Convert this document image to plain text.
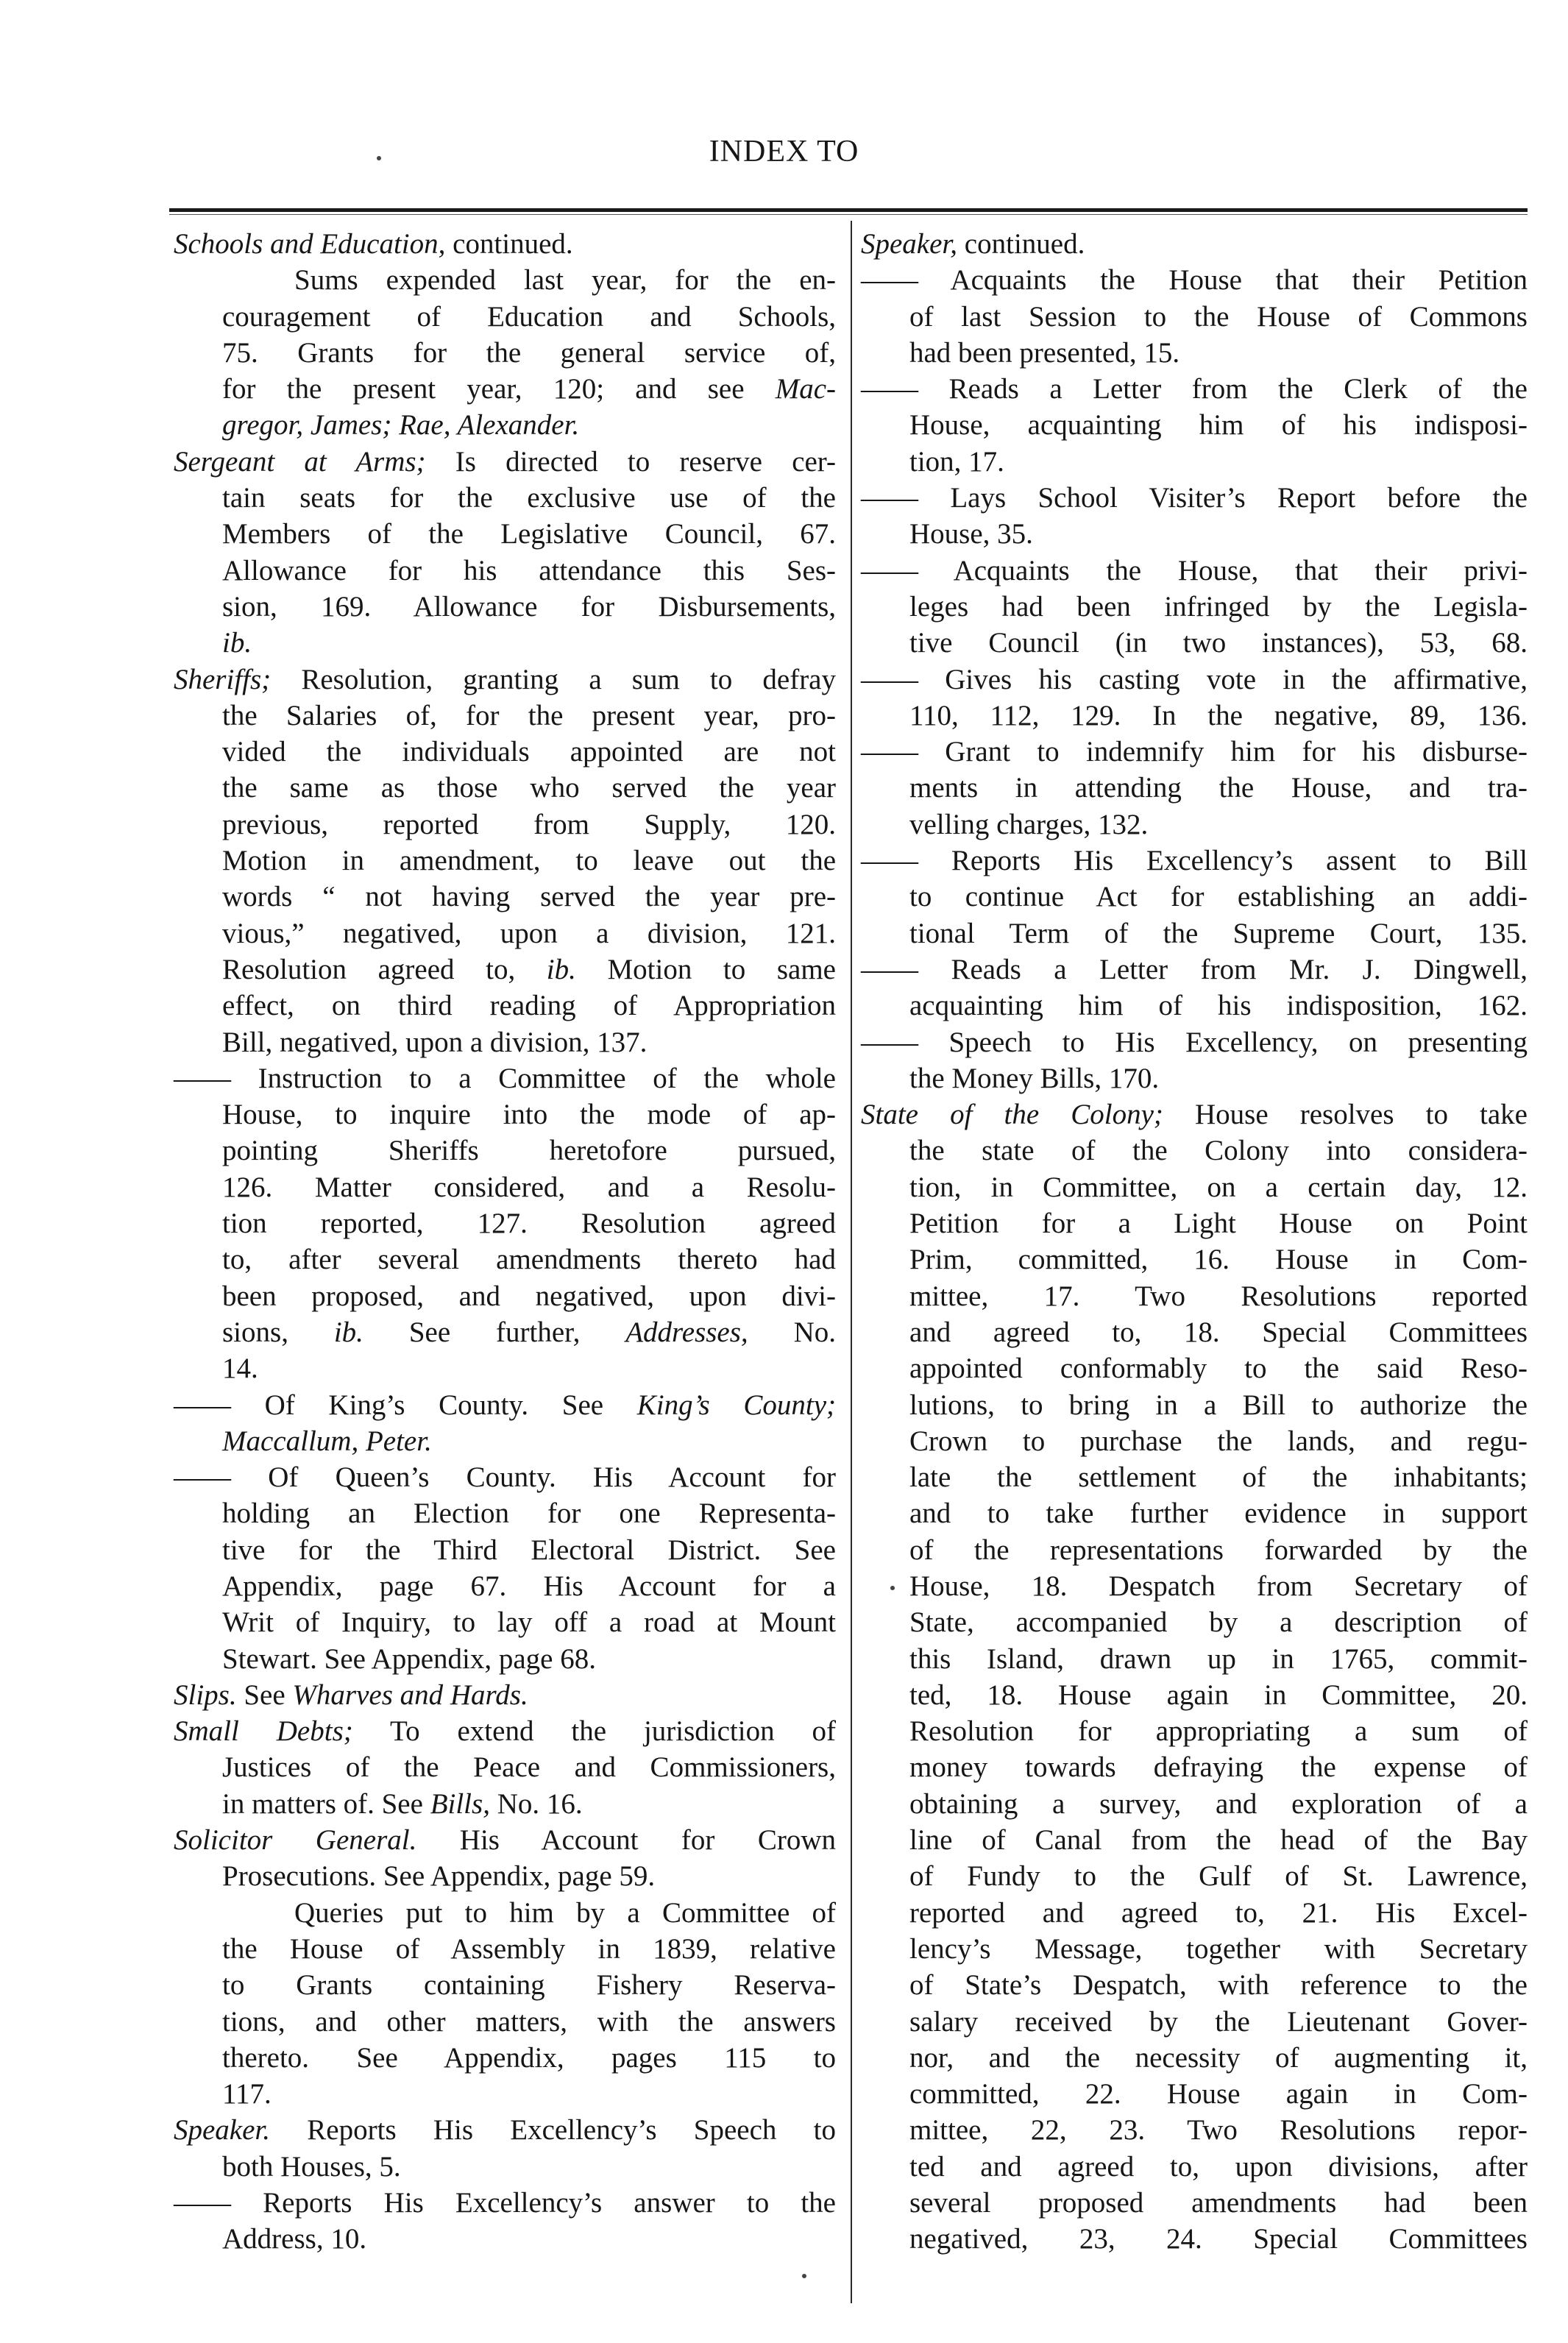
INDEX TO
Schools and Education, continued.
Sums expended last year, for the en-
couragement of Education and Schools,
75. Grants for the general service of,
for the present year, 120; and see Mac-
gregor, James; Rae, Alexander.
Sergeant at Arms; Is directed to reserve cer-
tain seats for the exclusive use of the
Members of the Legislative Council, 67.
Allowance for his attendance this Ses-
sion, 169. Allowance for Disbursements,
ib.
Sheriffs; Resolution, granting a sum to defray
the Salaries of, for the present year, pro-
vided the individuals appointed are not
the same as those who served the year
previous, reported from Supply, 120.
Motion in amendment, to leave out the
words “ not having served the year pre-
vious,” negatived, upon a division, 121.
Resolution agreed to, ib. Motion to same
effect, on third reading of Appropriation
Bill, negatived, upon a division, 137.
—— Instruction to a Committee of the whole
House, to inquire into the mode of ap-
pointing Sheriffs heretofore pursued,
126. Matter considered, and a Resolu-
tion reported, 127. Resolution agreed
to, after several amendments thereto had
been proposed, and negatived, upon divi-
sions, ib. See further, Addresses, No.
14.
—— Of King’s County. See King’s County;
Maccallum, Peter.
—— Of Queen’s County. His Account for
holding an Election for one Representa-
tive for the Third Electoral District. See
Appendix, page 67. His Account for a
Writ of Inquiry, to lay off a road at Mount
Stewart. See Appendix, page 68.
Slips. See Wharves and Hards.
Small Debts; To extend the jurisdiction of
Justices of the Peace and Commissioners,
in matters of. See Bills, No. 16.
Solicitor General. His Account for Crown
Prosecutions. See Appendix, page 59.
Queries put to him by a Committee of
the House of Assembly in 1839, relative
to Grants containing Fishery Reserva-
tions, and other matters, with the answers
thereto. See Appendix, pages 115 to
117.
Speaker. Reports His Excellency’s Speech to
both Houses, 5.
—— Reports His Excellency’s answer to the
Address, 10.
Speaker, continued.
—— Acquaints the House that their Petition
of last Session to the House of Commons
had been presented, 15.
—— Reads a Letter from the Clerk of the
House, acquainting him of his indisposi-
tion, 17.
—— Lays School Visiter’s Report before the
House, 35.
—— Acquaints the House, that their privi-
leges had been infringed by the Legisla-
tive Council (in two instances), 53, 68.
—— Gives his casting vote in the affirmative,
110, 112, 129. In the negative, 89, 136.
—— Grant to indemnify him for his disburse-
ments in attending the House, and tra-
velling charges, 132.
—— Reports His Excellency’s assent to Bill
to continue Act for establishing an addi-
tional Term of the Supreme Court, 135.
—— Reads a Letter from Mr. J. Dingwell,
acquainting him of his indisposition, 162.
—— Speech to His Excellency, on presenting
the Money Bills, 170.
State of the Colony; House resolves to take
the state of the Colony into considera-
tion, in Committee, on a certain day, 12.
Petition for a Light House on Point
Prim, committed, 16. House in Com-
mittee, 17. Two Resolutions reported
and agreed to, 18. Special Committees
appointed conformably to the said Reso-
lutions, to bring in a Bill to authorize the
Crown to purchase the lands, and regu-
late the settlement of the inhabitants;
and to take further evidence in support
of the representations forwarded by the
House, 18. Despatch from Secretary of
State, accompanied by a description of
this Island, drawn up in 1765, commit-
ted, 18. House again in Committee, 20.
Resolution for appropriating a sum of
money towards defraying the expense of
obtaining a survey, and exploration of a
line of Canal from the head of the Bay
of Fundy to the Gulf of St. Lawrence,
reported and agreed to, 21. His Excel-
lency’s Message, together with Secretary
of State’s Despatch, with reference to the
salary received by the Lieutenant Gover-
nor, and the necessity of augmenting it,
committed, 22. House again in Com-
mittee, 22, 23. Two Resolutions repor-
ted and agreed to, upon divisions, after
several proposed amendments had been
negatived, 23, 24. Special Committees
